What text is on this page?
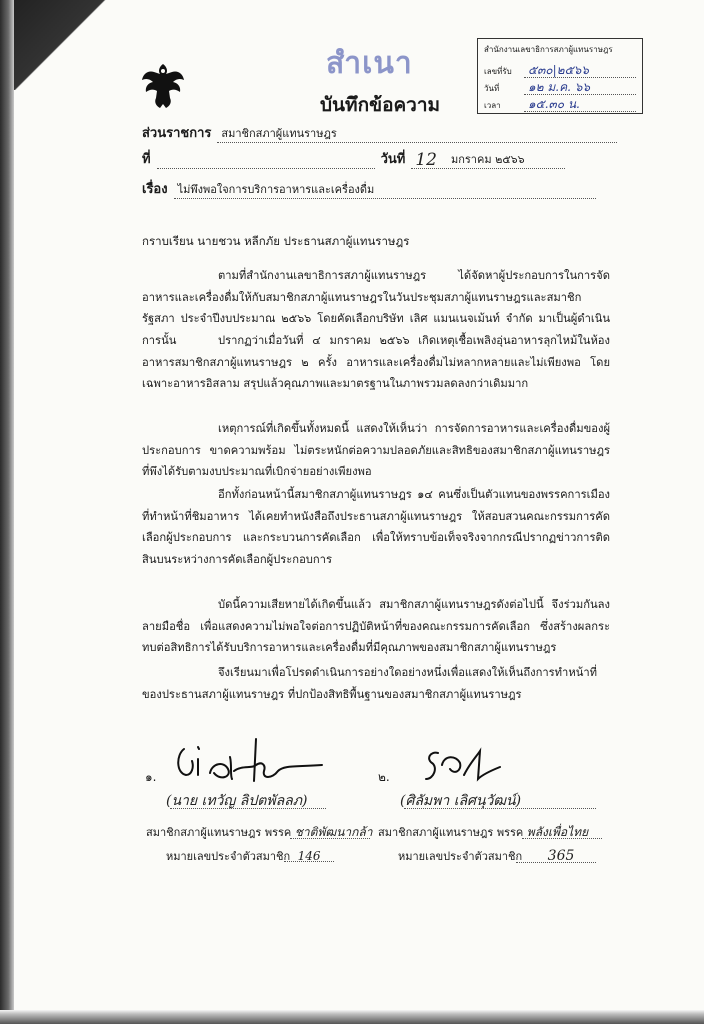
สำเนา
บันทึกข้อความ
สำนักงานเลขาธิการสภาผู้แทนราษฎร
เลขที่รับ	๕๓๐|๒๕๖๖
วันที่	๑๒ ม.ค. ๖๖
เวลา	๑๕.๓๐ น.
ส่วนราชการ สมาชิกสภาผู้แทนราษฎร
ที่	วันที่ 12 มกราคม ๒๕๖๖
เรื่อง ไม่พึงพอใจการบริการอาหารและเครื่องดื่ม
กราบเรียน นายชวน หลีกภัย ประธานสภาผู้แทนราษฎร
ตามที่สำนักงานเลขาธิการสภาผู้แทนราษฎร ได้จัดหาผู้ประกอบการในการจัดอาหารและเครื่องดื่มให้กับสมาชิกสภาผู้แทนราษฎรในวันประชุมสภาผู้แทนราษฎรและสมาชิกรัฐสภา ประจำปีงบประมาณ ๒๕๖๖ โดยคัดเลือกบริษัท เลิศ แมนเนจเม้นท์ จำกัด มาเป็นผู้ดำเนินการนั้น	ปรากฏว่าเมื่อวันที่ ๔ มกราคม ๒๕๖๖ เกิดเหตุเชื้อเพลิงอุ่นอาหารลุกไหม้ในห้องอาหารสมาชิกสภาผู้แทนราษฎร ๒ ครั้ง อาหารและเครื่องดื่มไม่หลากหลายและไม่เพียงพอ โดยเฉพาะอาหารอิสลาม สรุปแล้วคุณภาพและมาตรฐานในภาพรวมลดลงกว่าเดิมมาก
เหตุการณ์ที่เกิดขึ้นทั้งหมดนี้ แสดงให้เห็นว่า การจัดการอาหารและเครื่องดื่มของผู้ประกอบการ ขาดความพร้อม ไม่ตระหนักต่อความปลอดภัยและสิทธิของสมาชิกสภาผู้แทนราษฎร ที่พึงได้รับตามงบประมาณที่เบิกจ่ายอย่างเพียงพอ
อีกทั้งก่อนหน้านี้สมาชิกสภาผู้แทนราษฎร ๑๔ คนซึ่งเป็นตัวแทนของพรรคการเมืองที่ทำหน้าที่ชิมอาหาร ได้เคยทำหนังสือถึงประธานสภาผู้แทนราษฎร ให้สอบสวนคณะกรรมการคัดเลือกผู้ประกอบการ และกระบวนการคัดเลือก เพื่อให้ทราบข้อเท็จจริงจากกรณีปรากฏข่าวการติดสินบนระหว่างการคัดเลือกผู้ประกอบการ
บัดนี้ความเสียหายได้เกิดขึ้นแล้ว สมาชิกสภาผู้แทนราษฎรดังต่อไปนี้ จึงร่วมกันลงลายมือชื่อ เพื่อแสดงความไม่พอใจต่อการปฏิบัติหน้าที่ของคณะกรรมการคัดเลือก ซึ่งสร้างผลกระทบต่อสิทธิการได้รับบริการอาหารและเครื่องดื่มที่มีคุณภาพของสมาชิกสภาผู้แทนราษฎร
จึงเรียนมาเพื่อโปรดดำเนินการอย่างใดอย่างหนึ่งเพื่อแสดงให้เห็นถึงการทำหน้าที่ของประธานสภาผู้แทนราษฎร ที่ปกป้องสิทธิพื้นฐานของสมาชิกสภาผู้แทนราษฎร
๑.
(นาย เทวัญ ลิปตพัลลภ)
สมาชิกสภาผู้แทนราษฎร พรรค ชาติพัฒนากล้า
หมายเลขประจำตัวสมาชิก 146
๒.
(ศิลัมพา เลิศนุวัฒน์)
สมาชิกสภาผู้แทนราษฎร พรรค พลังเพื่อไทย
หมายเลขประจำตัวสมาชิก 365
